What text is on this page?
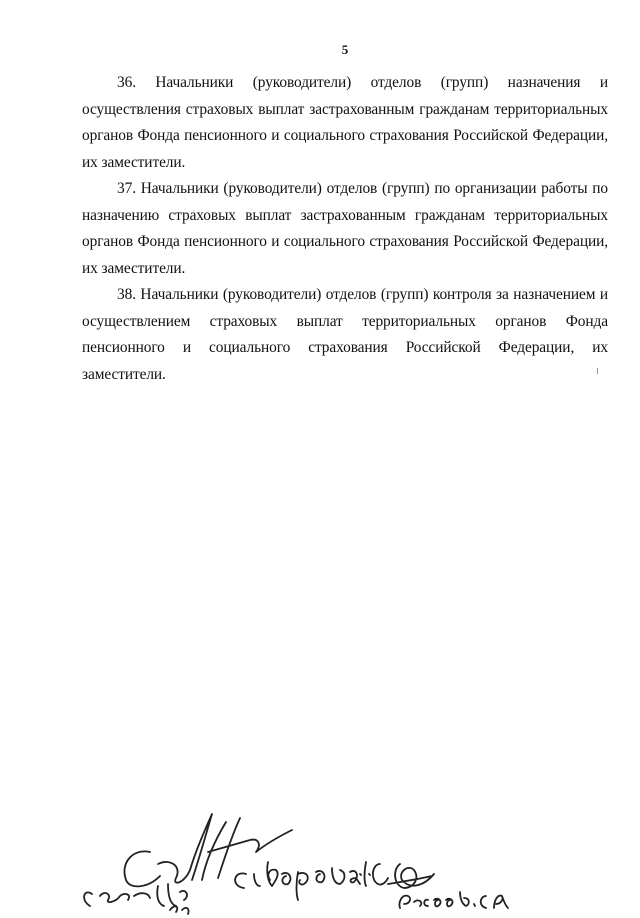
5

36. Начальники (руководители) отделов (групп) назначения и осуществления страховых выплат застрахованным гражданам территориальных органов Фонда пенсионного и социального страхования Российской Федерации, их заместители.

37. Начальники (руководители) отделов (групп) по организации работы по назначению страховых выплат застрахованным гражданам территориальных органов Фонда пенсионного и социального страхования Российской Федерации, их заместители.

38. Начальники (руководители) отделов (групп) контроля за назначением и осуществлением страховых выплат территориальных органов Фонда пенсионного и социального страхования Российской Федерации, их заместители.
